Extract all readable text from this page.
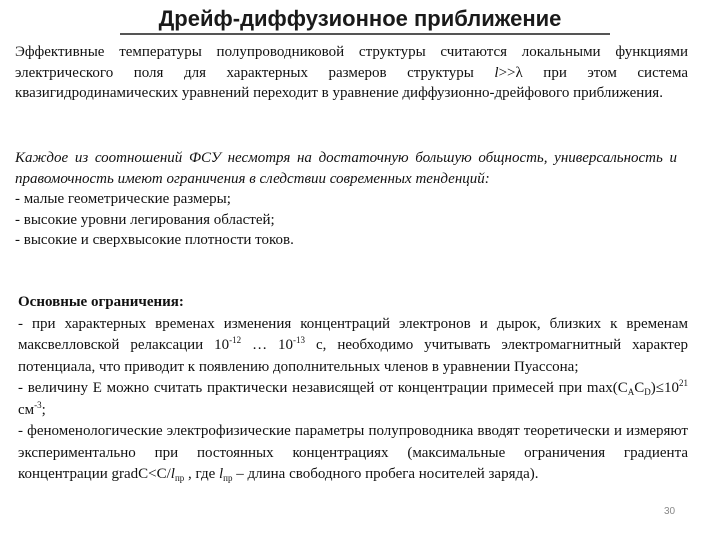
Дрейф-диффузионное приближение

Эффективные температуры полупроводниковой структуры считаются локальными функциями электрического поля для характерных размеров структуры l>>λ при этом система квазигидродинамических уравнений переходит в уравнение диффузионно-дрейфового приближения.

Каждое из соотношений ФСУ несмотря на достаточную большую общность, универсальность и правомочность имеют ограничения в следствии современных тенденций:
- малые геометрические размеры;
- высокие уровни легирования областей;
- высокие и сверхвысокие плотности токов.

Основные ограничения:
- при характерных временах изменения концентраций электронов и дырок, близких к временам максвелловской релаксации $10^{-12}$ … $10^{-13}$ с, необходимо учитывать электромагнитный характер потенциала, что приводит к появлению дополнительных членов в уравнении Пуассона;
- величину E можно считать практически независящей от концентрации примесей при $\max(C_AC_D)\le 10^{21}$ $см^{-3}$;
- феноменологические электрофизические параметры полупроводника вводят теоретически и измеряют экспериментально при постоянных концентрациях (максимальные ограничения градиента концентрации $gradC<C/l_{пр}$ , где $l_{пр}$ – длина свободного пробега носителей заряда).

30
